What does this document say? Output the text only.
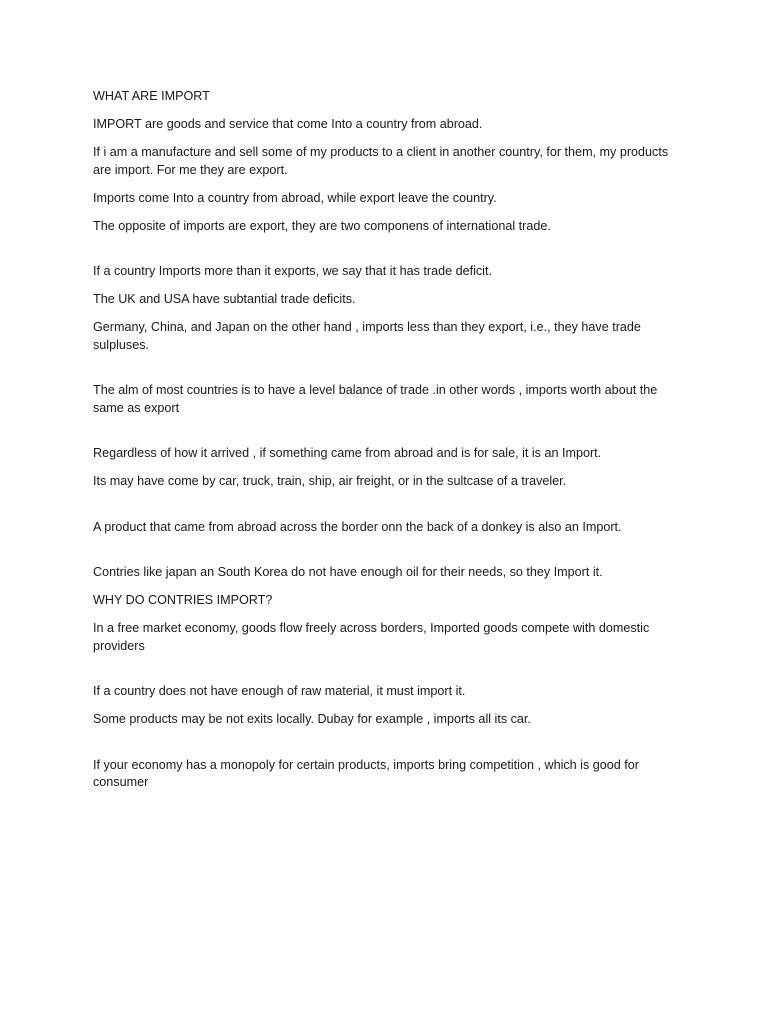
WHAT ARE IMPORT

IMPORT are goods and service that come Into a country from abroad.

If i am a manufacture and sell some of my products to a client in another country, for them, my products are import. For me they are export.

Imports come Into a country from abroad, while export leave the country.

The opposite of imports are export, they are two componens of international trade.

If a country Imports more than it exports, we say that it has trade deficit.

The UK and USA have subtantial trade deficits.

Germany, China, and Japan on the other hand , imports less than they export, i.e., they have trade sulpluses.

The alm of most countries is to have a level balance of trade .in other words , imports worth about the same as export

Regardless of how it arrived , if something came from abroad and is for sale, it is an Import.

Its may have come by car, truck, train, ship, air freight, or in the sultcase of a traveler.

A product that came from abroad across the border onn the back of a donkey is also an Import.

Contries like japan an South Korea do not have enough oil for their needs, so they Import it.

WHY DO CONTRIES IMPORT?

In a free market economy, goods flow freely across borders, Imported goods compete with domestic providers

If a country does not have enough of raw material, it must import it.

Some products may be not exits locally. Dubay for example , imports all its car.

If your economy has a monopoly for certain products, imports bring competition , which is good for consumer
